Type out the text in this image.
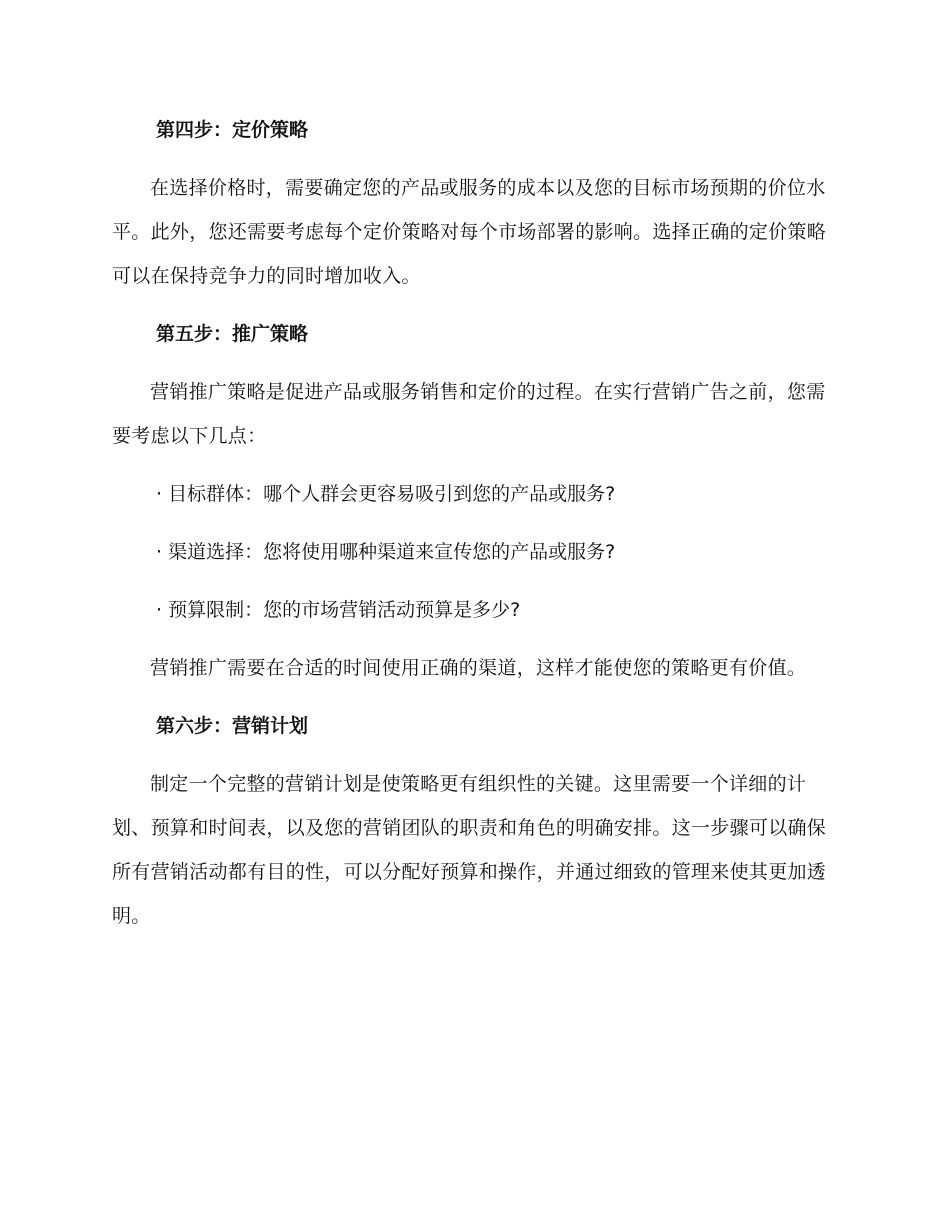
第四步：定价策略

在选择价格时，需要确定您的产品或服务的成本以及您的目标市场预期的价位水平。此外，您还需要考虑每个定价策略对每个市场部署的影响。选择正确的定价策略可以在保持竞争力的同时增加收入。

第五步：推广策略

营销推广策略是促进产品或服务销售和定价的过程。在实行营销广告之前，您需要考虑以下几点：

· 目标群体：哪个人群会更容易吸引到您的产品或服务?

· 渠道选择：您将使用哪种渠道来宣传您的产品或服务?

· 预算限制：您的市场营销活动预算是多少?

营销推广需要在合适的时间使用正确的渠道，这样才能使您的策略更有价值。

第六步：营销计划

制定一个完整的营销计划是使策略更有组织性的关键。这里需要一个详细的计划、预算和时间表，以及您的营销团队的职责和角色的明确安排。这一步骤可以确保所有营销活动都有目的性，可以分配好预算和操作，并通过细致的管理来使其更加透明。
